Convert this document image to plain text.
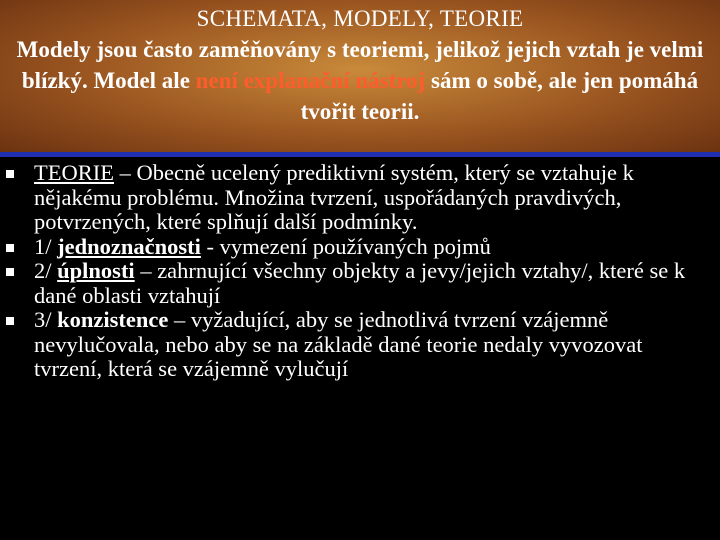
SCHEMATA, MODELY, TEORIE
Modely jsou často zaměňovány s teoriemi, jelikož jejich vztah je velmi blízký. Model ale není explanační nástroj sám o sobě, ale jen pomáhá tvořit teorii.
TEORIE – Obecně ucelený prediktivní systém, který se vztahuje k nějakému problému. Množina tvrzení, uspořádaných pravdivých, potvrzených, které splňují další podmínky.
1/ jednoznačnosti - vymezení používaných pojmů
2/ úplnosti – zahrnující všechny objekty a jevy/jejich vztahy/, které se k dané oblasti vztahují
3/ konzistence – vyžadující, aby se jednotlivá tvrzení vzájemně nevylučovala, nebo aby se na základě dané teorie nedaly vyvozovat tvrzení, která se vzájemně vylučují
